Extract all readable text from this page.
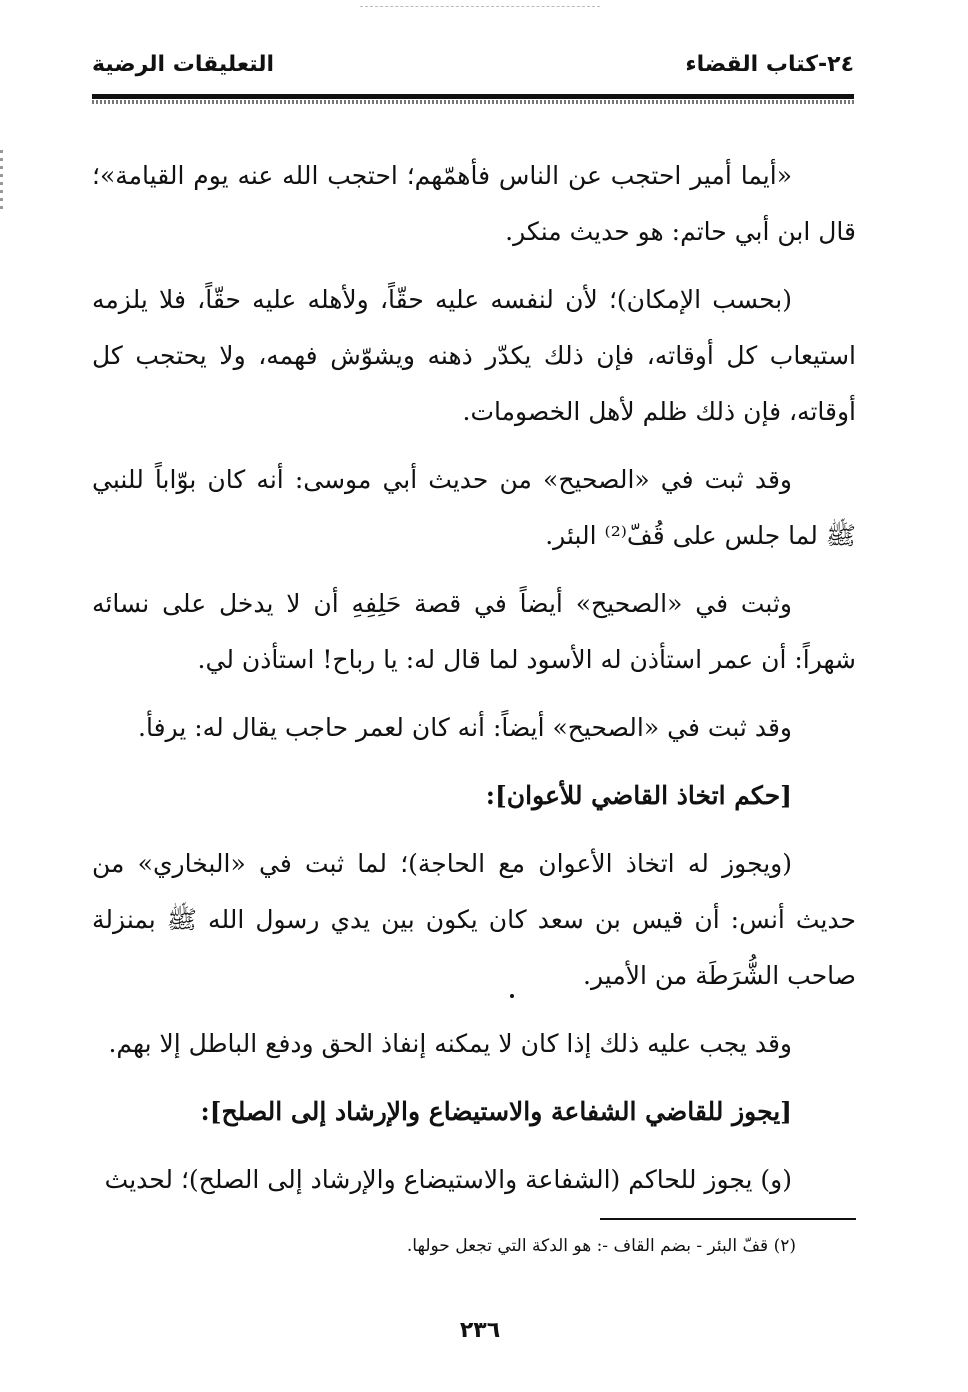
٢٤-كتاب القضاء
التعليقات الرضية

«أيما أمير احتجب عن الناس فأهمّهم؛ احتجب الله عنه يوم القيامة»؛ قال ابن أبي حاتم: هو حديث منكر.

(بحسب الإمكان)؛ لأن لنفسه عليه حقّاً، ولأهله عليه حقّاً، فلا يلزمه استيعاب كل أوقاته، فإن ذلك يكدّر ذهنه ويشوّش فهمه، ولا يحتجب كل أوقاته، فإن ذلك ظلم لأهل الخصومات.

وقد ثبت في «الصحيح» من حديث أبي موسى: أنه كان بوّاباً للنبي ﷺ لما جلس على قُفّ⁽²⁾ البئر.

وثبت في «الصحيح» أيضاً في قصة حَلِفِهِ أن لا يدخل على نسائه شهراً: أن عمر استأذن له الأسود لما قال له: يا رباح! استأذن لي.

وقد ثبت في «الصحيح» أيضاً: أنه كان لعمر حاجب يقال له: يرفأ.

[حكم اتخاذ القاضي للأعوان]:

(ويجوز له اتخاذ الأعوان مع الحاجة)؛ لما ثبت في «البخاري» من حديث أنس: أن قيس بن سعد كان يكون بين يدي رسول الله ﷺ بمنزلة صاحب الشُّرَطَة من الأمير.

وقد يجب عليه ذلك إذا كان لا يمكنه إنفاذ الحق ودفع الباطل إلا بهم.

[يجوز للقاضي الشفاعة والاستيضاع والإرشاد إلى الصلح]:

(و) يجوز للحاكم (الشفاعة والاستيضاع والإرشاد إلى الصلح)؛ لحديث

(٢) قفّ البئر - بضم القاف -: هو الدكة التي تجعل حولها.
٢٣٦
